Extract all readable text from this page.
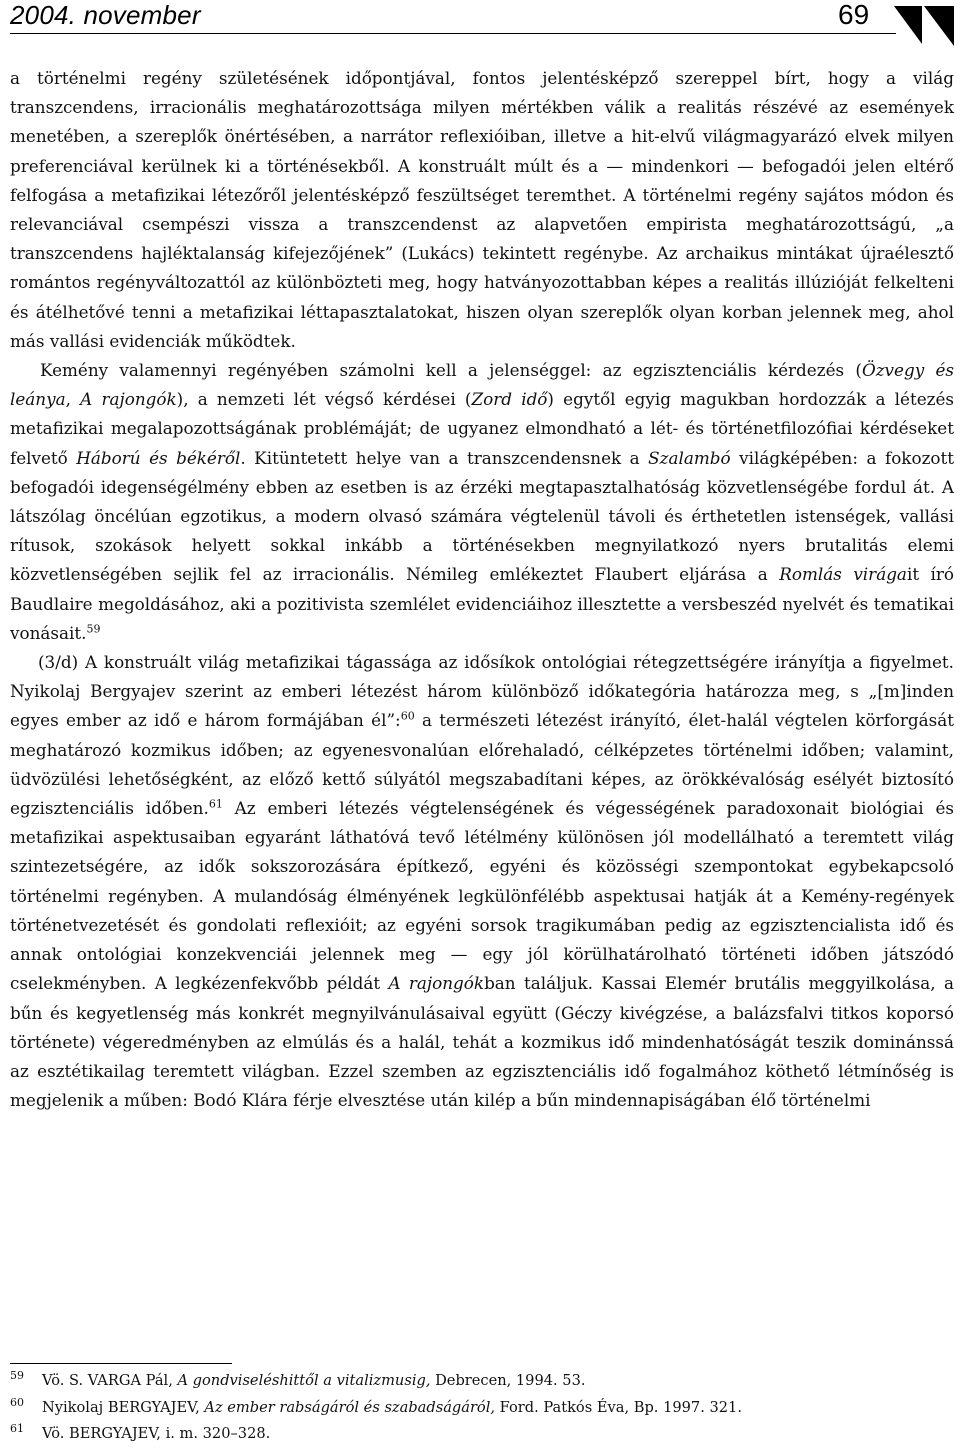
2004. november	69

a történelmi regény születésének időpontjával, fontos jelentésképző szereppel bírt, hogy a világ transzcendens, irracionális meghatározottsága milyen mértékben válik a realitás részévé az események menetében, a szereplők önértésében, a narrátor reflexióiban, illetve a hit-elvű világmagyarázó elvek milyen preferenciával kerülnek ki a történésekből. A konstruált múlt és a — mindenkori — befogadói jelen eltérő felfogása a metafizikai létezőről jelentésképző feszültséget teremthet. A történelmi regény sajátos módon és relevanciával csempészi vissza a transzcendenst az alapvetően empirista meghatározottságú, „a transzcendens hajléktalanság kifejezőjének” (Lukács) tekintett regénybe. Az archaikus mintákat újraélesztő romántos regényváltozattól az különbözteti meg, hogy hatványozottabban képes a realitás illúzióját felkelteni és átélhetővé tenni a metafizikai léttapasztalatokat, hiszen olyan szereplők olyan korban jelennek meg, ahol más vallási evidenciák működtek.

Kemény valamennyi regényében számolni kell a jelenséggel: az egzisztenciális kérdezés (Özvegy és leánya, A rajongók), a nemzeti lét végső kérdései (Zord idő) egytől egyig magukban hordozzák a létezés metafizikai megalapozottságának problémáját; de ugyanez elmondható a lét- és történetfilozófiai kérdéseket felvető Háború és békéről. Kitüntetett helye van a transzcendensnek a Szalambó világképében: a fokozott befogadói idegenségélmény ebben az esetben is az érzéki megtapasztalhatóság közvetlenségébe fordul át. A látszólag öncélúan egzotikus, a modern olvasó számára végtelenül távoli és érthetetlen istenségek, vallási rítusok, szokások helyett sokkal inkább a történésekben megnyilatkozó nyers brutalitás elemi közvetlenségében sejlik fel az irracionális. Némileg emlékeztet Flaubert eljárása a Romlás virágait író Baudlaire megoldásához, aki a pozitivista szemlélet evidenciáihoz illesztette a versbeszéd nyelvét és tematikai vonásait.$^{59}$

(3/d) A konstruált világ metafizikai tágassága az idősíkok ontológiai rétegzettségére irányítja a figyelmet. Nyikolaj Bergyajev szerint az emberi létezést három különböző időkategória határozza meg, s „[m]inden egyes ember az idő e három formájában él”:$^{60}$ a természeti létezést irányító, élet-halál végtelen körforgását meghatározó kozmikus időben; az egyenesvonalúan előrehaladó, célképzetes történelmi időben; valamint, üdvözülési lehetőségként, az előző kettő súlyától megszabadítani képes, az örökkévalóság esélyét biztosító egzisztenciális időben.$^{61}$ Az emberi létezés végtelenségének és végességének paradoxonait biológiai és metafizikai aspektusaiban egyaránt láthatóvá tevő létélmény különösen jól modellálható a teremtett világ szintezetségére, az idők sokszorozására építkező, egyéni és közösségi szempontokat egybekapcsoló történelmi regényben. A mulandóság élményének legkülönfélébb aspektusai hatják át a Kemény-regények történetvezetését és gondolati reflexióit; az egyéni sorsok tragikumában pedig az egzisztencialista idő és annak ontológiai konzekvenciái jelennek meg — egy jól körülhatárolható történeti időben játszódó cselekményben. A legkézenfekvőbb példát A rajongókban találjuk. Kassai Elemér brutális meggyilkolása, a bűn és kegyetlenség más konkrét megnyilvánulásaival együtt (Géczy kivégzése, a balázsfalvi titkos koporsó története) végeredményben az elmúlás és a halál, tehát a kozmikus idő mindenhatóságát teszik dominánssá az esztétikailag teremtett világban. Ezzel szemben az egzisztenciális idő fogalmához köthető létmínőség is megjelenik a műben: Bodó Klára férje elvesztése után kilép a bűn mindennapiságában élő történelmi

59 Vö. S. VARGA Pál, A gondviseléshittől a vitalizmusig, Debrecen, 1994. 53.
60 Nyikolaj BERGYAJEV, Az ember rabságáról és szabadságáról, Ford. Patkós Éva, Bp. 1997. 321.
61 Vö. BERGYAJEV, i. m. 320–328.
